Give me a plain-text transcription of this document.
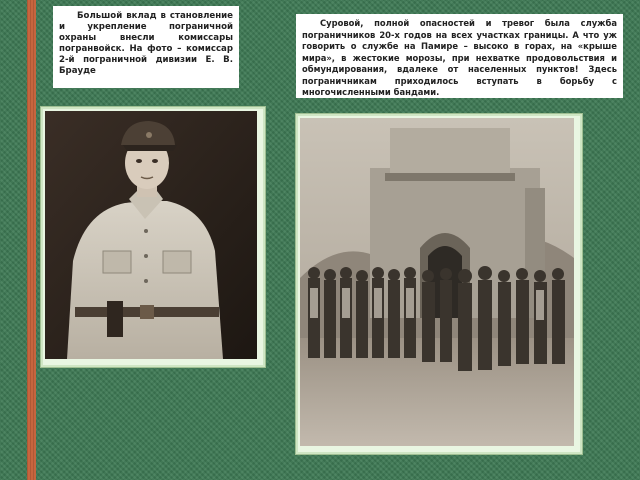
Большой вклад в становление и укрепление пограничной охраны внесли комиссары погранвойск. На фото – комиссар 2-й пограничной дивизии Е. В. Брауде
Суровой, полной опасностей и тревог была служба пограничников 20-х годов на всех участках границы. А что уж говорить о службе на Памире – высоко в горах, на «крыше мира», в жестокие морозы, при нехватке продовольствия и обмундирования, вдалеке от населенных пунктов! Здесь пограничникам приходилось вступать в борьбу с многочисленными бандами.
